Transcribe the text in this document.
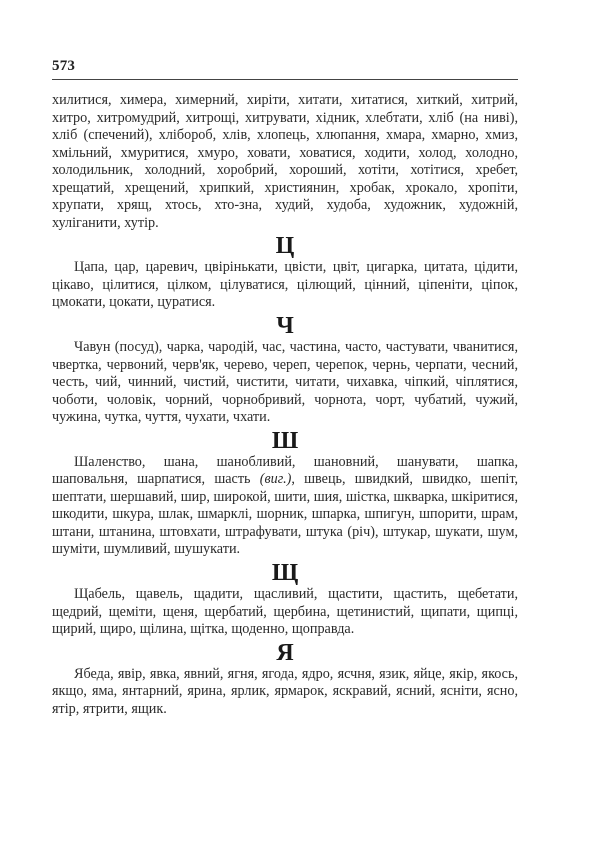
573

хилитися, химера, химерний, хиріти, хитати, хитатися, хиткий, хитрий, хитро, хитромудрий, хитрощі, хитрувати, хідник, хлебтати, хліб (на ниві), хліб (спечений), хлібороб, хлів, хлопець, хлюпання, хмара, хмарно, хмиз, хмільний, хмуритися, хмуро, ховати, ховатися, ходити, холод, холодно, холодильник, холодний, хоробрий, хороший, хотіти, хотітися, хребет, хрещатий, хрещений, хрипкий, християнин, хробак, хрокало, хропіти, хрупати, хрящ, хтось, хто-зна, худий, худоба, художник, художній, хуліганити, хутір.

Ц

Цапа, цар, царевич, цвірінькати, цвісти, цвіт, цигарка, цитата, цідити, цікаво, цілитися, цілком, цілуватися, цілющий, цінний, ціпеніти, ціпок, цмокати, цокати, цуратися.

Ч

Чавун (посуд), чарка, чародій, час, частина, часто, частувати, чванитися, чвертка, червоний, черв'як, черево, череп, черепок, чернь, черпати, чесний, честь, чий, чинний, чистий, чистити, читати, чихавка, чіпкий, чіплятися, чоботи, чоловік, чорний, чорнобривий, чорнота, чорт, чубатий, чужий, чужина, чутка, чуття, чухати, чхати.

Ш

Шаленство, шана, шанобливий, шановний, шанувати, шапка, шаповальня, шарпатися, шасть (виг.), швець, швидкий, швидко, шепіт, шептати, шершавий, шир, широкой, шити, шия, шістка, шкварка, шкіритися, шкодити, шкура, шлак, шмарклі, шорник, шпарка, шпигун, шпорити, шрам, штани, штанина, штовхати, штрафувати, штука (річ), штукар, шукати, шум, шуміти, шумливий, шушукати.

Щ

Щабель, щавель, щадити, щасливий, щастити, щастить, щебетати, щедрий, щеміти, щеня, щербатий, щербина, щетинистий, щипати, щипці, щирий, щиро, щілина, щітка, щоденно, щоправда.

Я

Ябеда, явір, явка, явний, ягня, ягода, ядро, ясчня, язик, яйце, якір, якось, якщо, яма, янтарний, ярина, ярлик, ярмарок, яскравий, ясний, ясніти, ясно, ятір, ятрити, ящик.
